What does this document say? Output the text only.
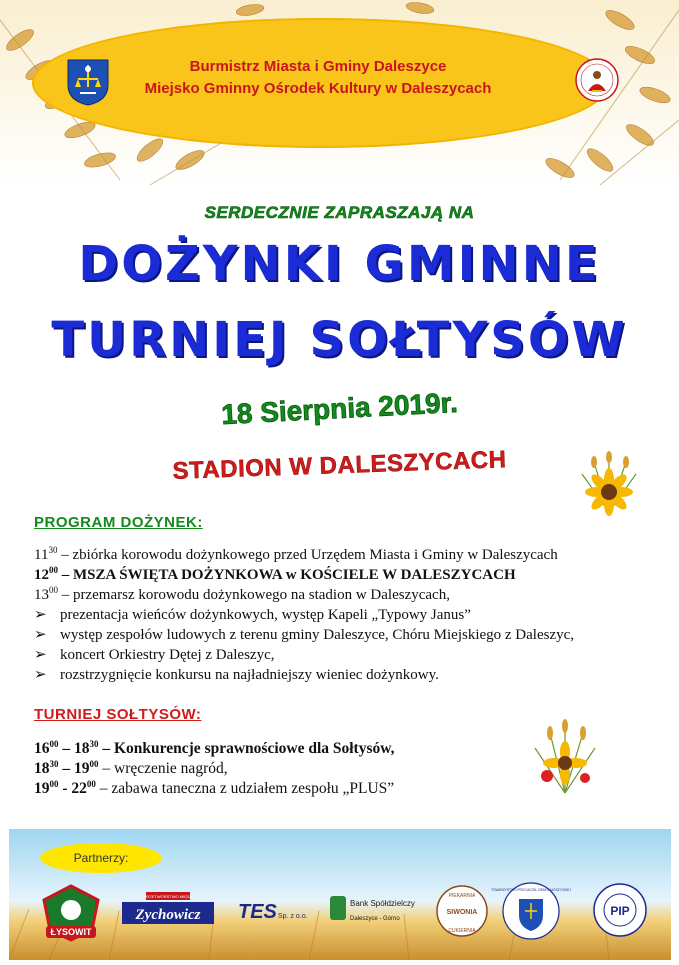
Burmistrz Miasta i Gminy Daleszyce
Miejsko Gminny Ośrodek Kultury w Daleszycach
SERDECZNIE ZAPRASZAJĄ NA
DOŻYNKI GMINNE
TURNIEJ SOŁTYSÓW
18 Sierpnia 2019r.
STADION W DALESZYCACH
PROGRAM DOŻYNEK:
$11^{30}$ – zbiórka korowodu dożynkowego przed Urzędem Miasta i Gminy w Daleszycach
$12^{00}$ – MSZA ŚWIĘTA DOŻYNKOWA w KOŚCIELE W DALESZYCACH
$13^{00}$ – przemarsz korowodu dożynkowego na stadion w Daleszycach,
➢ prezentacja wieńców dożynkowych, występ Kapeli „Typowy Janus”
➢ występ zespołów ludowych z terenu gminy Daleszyce, Chóru Miejskiego z Daleszyc,
➢ koncert Orkiestry Dętej z Daleszyc,
➢ rozstrzygnięcie konkursu na najładniejszy wieniec dożynkowy.
TURNIEJ SOŁTYSÓW:
$16^{00} - 18^{30}$ – Konkurencje sprawnościowe dla Sołtysów,
$18^{30} - 19^{00}$ – wręczenie nagród,
$19^{00} - 22^{00}$ – zabawa taneczna z udziałem zespołu „PLUS”
Partnerzy:
ŁYSOWIT
PRZETWÓRSTWO MIĘSA
Zychowicz TES Sp. z o.o.
Bank Spółdzielczy
Daleszyce - Górno
PIEKARNIA
CUKIERNIA
SIWONIA
TOWARZYSTWO PRZYJACIÓŁ ZIEMI DALESZYCKIEJ
PIP
